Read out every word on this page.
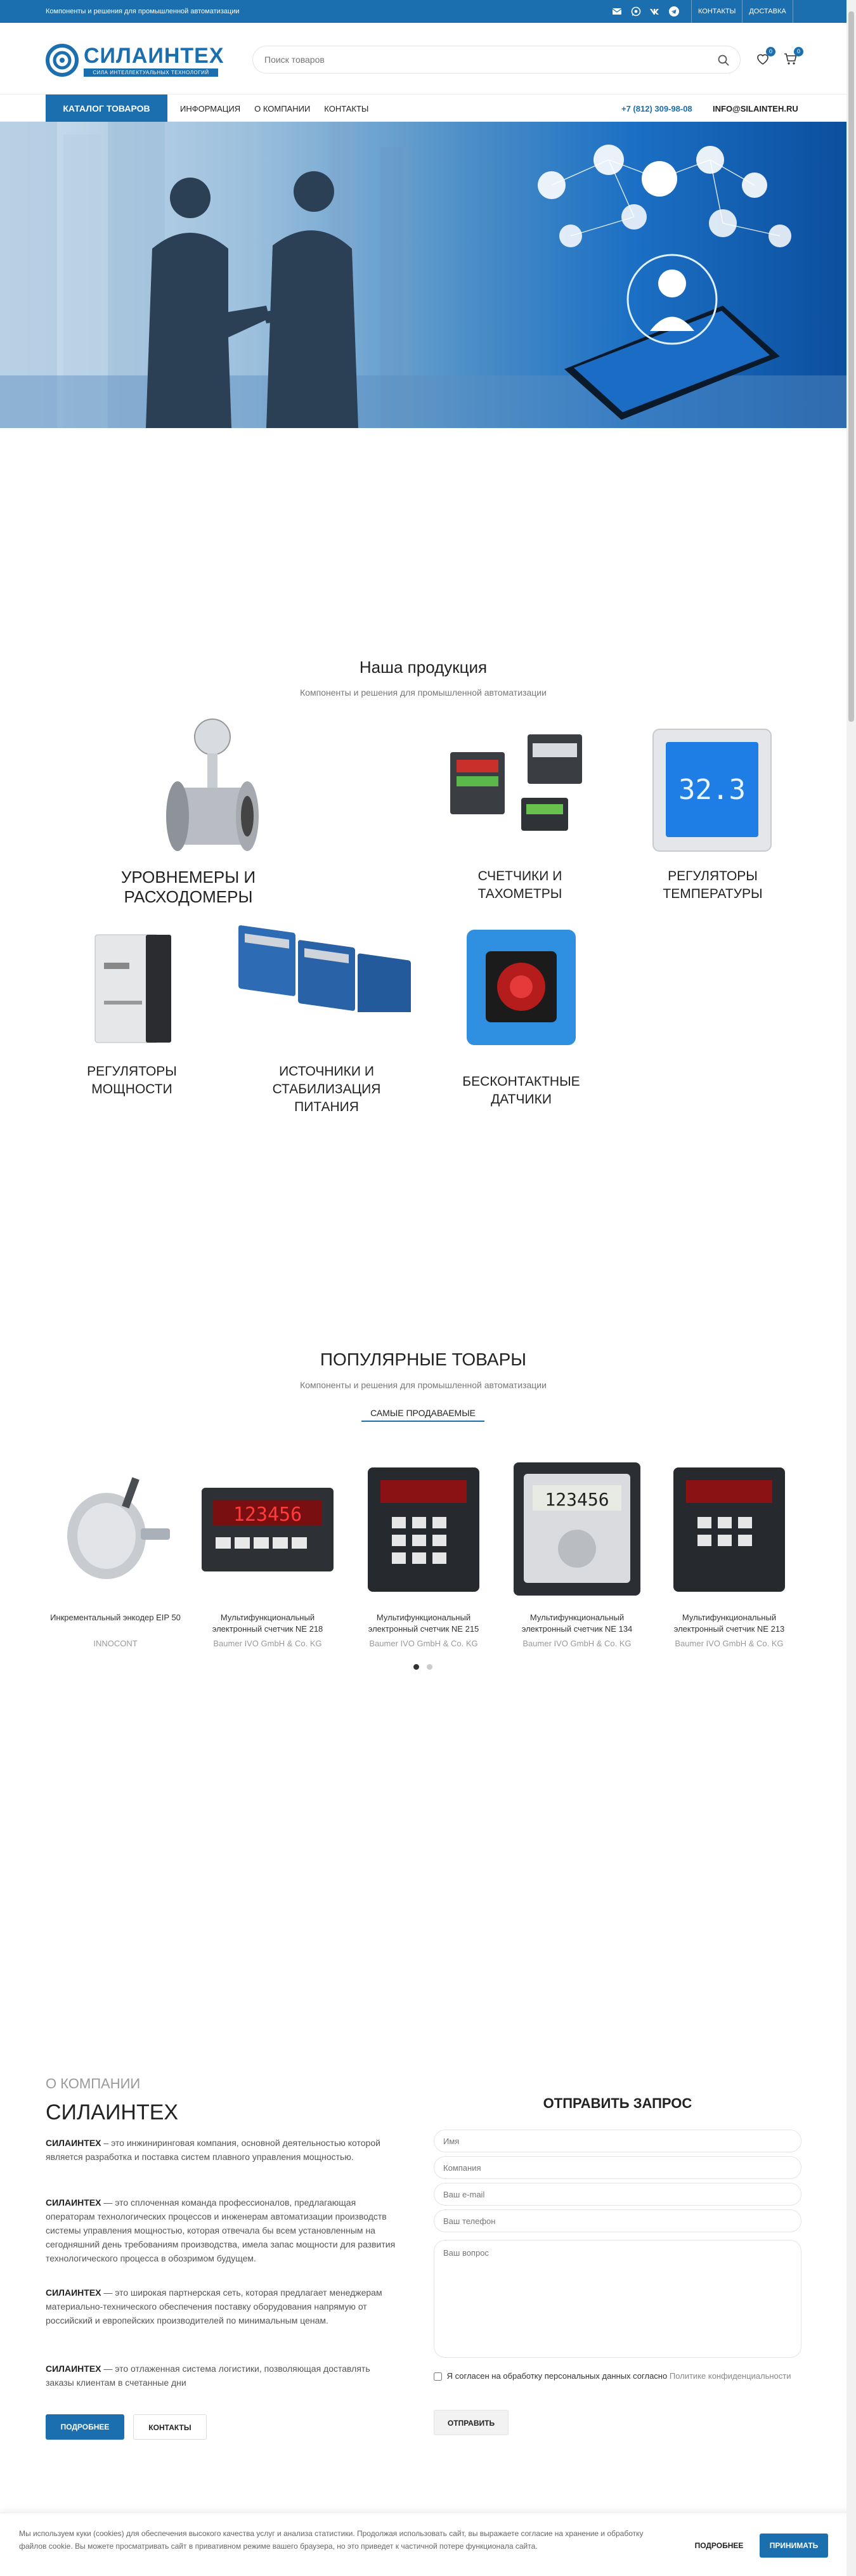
Компоненты и решения для промышленной автоматизации	КОНТАКТЫ	ДОСТАВКА
СИЛАИНТЕХ
СИЛА ИНТЕЛЛЕКТУАЛЬНЫХ ТЕХНОЛОГИЙ
Поиск товаров
0	0
КАТАЛОГ ТОВАРОВ	ИНФОРМАЦИЯ О КОМПАНИИ КОНТАКТЫ	+7 (812) 309-98-08 INFO@SILAINTEH.RU
Наша продукция
Компоненты и решения для промышленной автоматизации
УРОВНЕМЕРЫ И РАСХОДОМЕРЫ
СЧЕТЧИКИ И ТАХОМЕТРЫ
32.3
РЕГУЛЯТОРЫ ТЕМПЕРАТУРЫ
РЕГУЛЯТОРЫ МОЩНОСТИ
ИСТОЧНИКИ И СТАБИЛИЗАЦИЯ ПИТАНИЯ
БЕСКОНТАКТНЫЕ ДАТЧИКИ
ПОПУЛЯРНЫЕ ТОВАРЫ
Компоненты и решения для промышленной автоматизации
САМЫЕ ПРОДАВАЕМЫЕ
Инкрементальный энкодер EIP 50
INNOCONT
123456
Мультифункциональный электронный счетчик NE 218
Baumer IVO GmbH & Co. KG
Мультифункциональный электронный счетчик NE 215
Baumer IVO GmbH & Co. KG
123456
Мультифункциональный электронный счетчик NE 134
Baumer IVO GmbH & Co. KG
Мультифункциональный электронный счетчик NE 213
Baumer IVO GmbH & Co. KG
О КОМПАНИИ
СИЛАИНТЕХ

СИЛАИНТЕХ – это инжиниринговая компания, основной деятельностью которой является разработка и поставка систем плавного управления мощностью.

СИЛАИНТЕХ — это сплоченная команда профессионалов, предлагающая операторам технологических процессов и инженерам автоматизации производств системы управления мощностью, которая отвечала бы всем установленным на сегодняшний день требованиям производства, имела запас мощности для развития технологического процесса в обозримом будущем.

СИЛАИНТЕХ — это широкая партнерская сеть, которая предлагает менеджерам материально-технического обеспечения поставку оборудования напрямую от российский и европейских производителей по минимальным ценам.

СИЛАИНТЕХ — это отлаженная система логистики, позволяющая доставлять заказы клиентам в счетанные дни

ПОДРОБНЕЕ	КОНТАКТЫ
ОТПРАВИТЬ ЗАПРОС
Имя
Компания
Ваш e-mail
Ваш телефон
Ваш вопрос
Я согласен на обработку персональных данных согласно Политике конфиденциальности
ОТПРАВИТЬ
Мы используем куки (cookies) для обеспечения высокого качества услуг и анализа статистики. Продолжая использовать сайт, вы выражаете согласие на хранение и обработку файлов cookie. Вы можете просматривать сайт в привативном режиме вашего браузера, но это приведет к частичной потере функционала сайта.	ПОДРОБНЕЕ	ПРИНИМАТЬ
